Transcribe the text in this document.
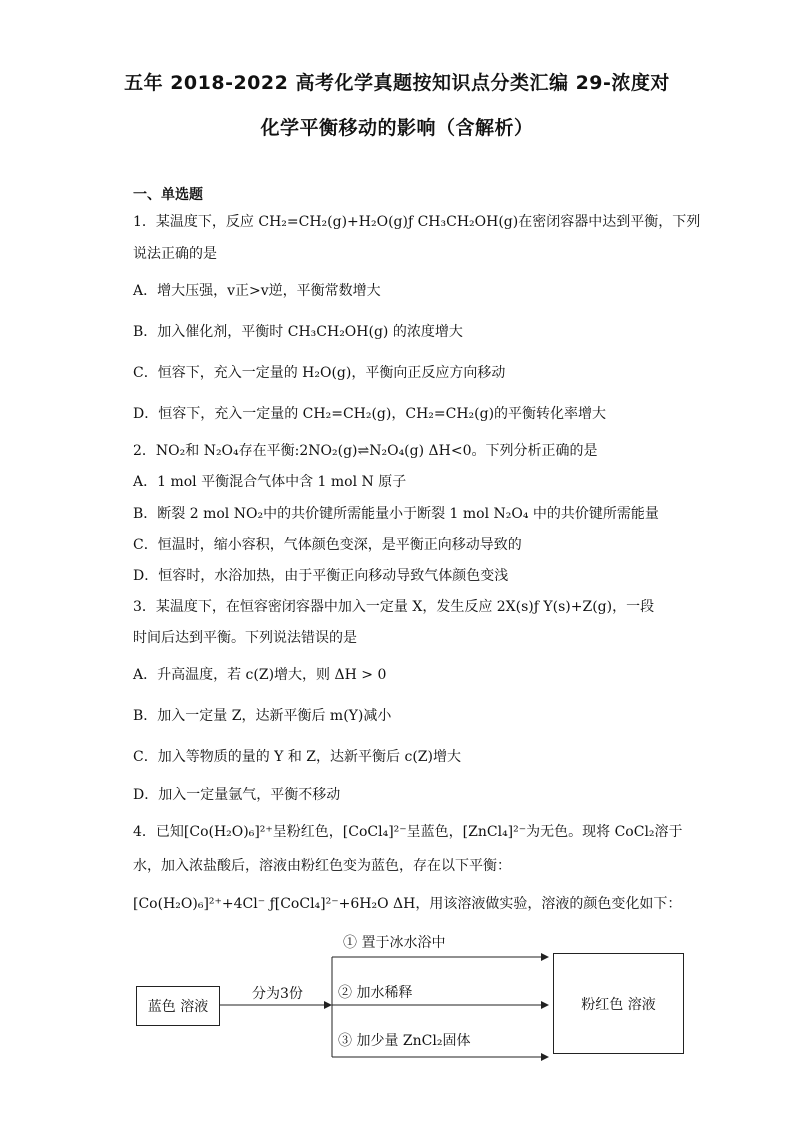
五年 2018-2022 高考化学真题按知识点分类汇编 29-浓度对
化学平衡移动的影响（含解析）
一、单选题
1．某温度下，反应 CH₂=CH₂(g)+H₂O(g)ƒ CH₃CH₂OH(g)在密闭容器中达到平衡，下列
说法正确的是
A．增大压强，v正>v逆，平衡常数增大
B．加入催化剂，平衡时 CH₃CH₂OH(g) 的浓度增大
C．恒容下，充入一定量的 H₂O(g)，平衡向正反应方向移动
D．恒容下，充入一定量的 CH₂=CH₂(g)，CH₂=CH₂(g)的平衡转化率增大
2．NO₂和 N₂O₄存在平衡:2NO₂(g)⇌N₂O₄(g) ΔH<0。下列分析正确的是
A．1 mol 平衡混合气体中含 1 mol N 原子
B．断裂 2 mol NO₂中的共价键所需能量小于断裂 1 mol N₂O₄ 中的共价键所需能量
C．恒温时，缩小容积，气体颜色变深，是平衡正向移动导致的
D．恒容时，水浴加热，由于平衡正向移动导致气体颜色变浅
3．某温度下，在恒容密闭容器中加入一定量 X，发生反应 2X(s)ƒ Y(s)+Z(g)，一段
时间后达到平衡。下列说法错误的是
A．升高温度，若 c(Z)增大，则 ΔH > 0
B．加入一定量 Z，达新平衡后 m(Y)减小
C．加入等物质的量的 Y 和 Z，达新平衡后 c(Z)增大
D．加入一定量氩气，平衡不移动
4．已知[Co(H₂O)₆]²⁺呈粉红色，[CoCl₄]²⁻呈蓝色，[ZnCl₄]²⁻为无色。现将 CoCl₂溶于
水，加入浓盐酸后，溶液由粉红色变为蓝色，存在以下平衡：
[Co(H₂O)₆]²⁺+4Cl⁻ ƒ[CoCl₄]²⁻+6H₂O ΔH，用该溶液做实验，溶液的颜色变化如下：
蓝色 溶液
分为3份
① 置于冰水浴中
② 加水稀释
③ 加少量 ZnCl₂固体
粉红色 溶液
